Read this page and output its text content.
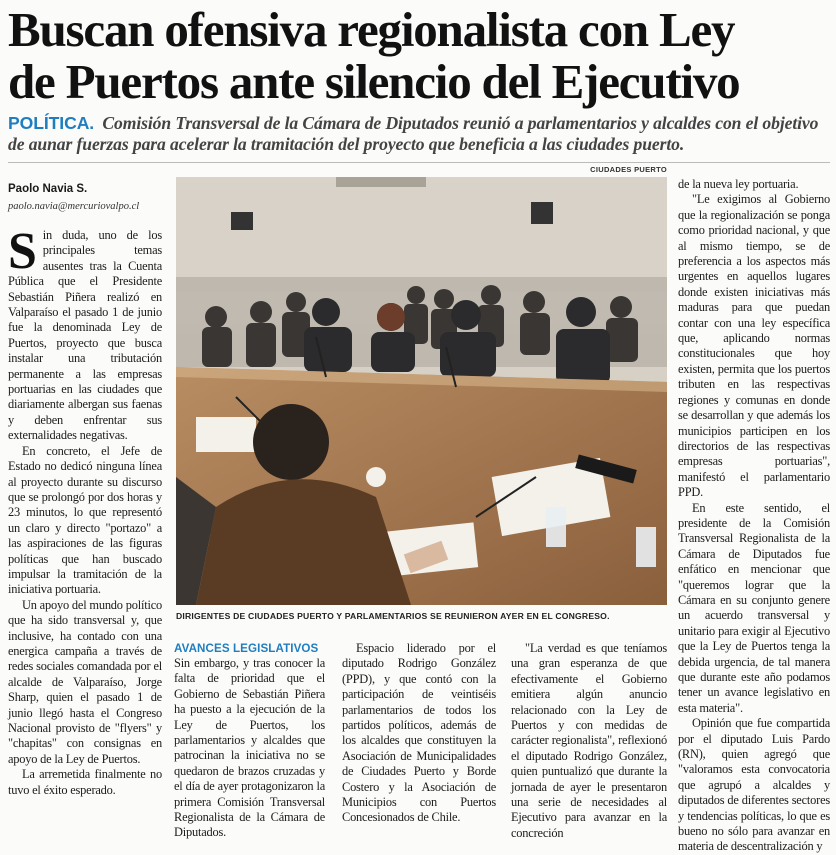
Buscan ofensiva regionalista con Ley
de Puertos ante silencio del Ejecutivo
POLÍTICA. Comisión Transversal de la Cámara de Diputados reunió a parlamentarios y alcaldes con el objetivo de aunar fuerzas para acelerar la tramitación del proyecto que beneficia a las ciudades puerto.
Paolo Navia S.
paolo.navia@mercuriovalpo.cl
CIUDADES PUERTO
DIRIGENTES DE CIUDADES PUERTO Y PARLAMENTARIOS SE REUNIERON AYER EN EL CONGRESO.
S in duda, uno de los principales temas ausentes tras la Cuenta Pública que el Presidente Sebastián Piñera realizó en Valparaíso el pasado 1 de junio fue la denominada Ley de Puertos, proyecto que busca instalar una tributación permanente a las empresas portuarias en las ciudades que diariamente albergan sus faenas y deben enfrentar sus externalidades negativas.

En concreto, el Jefe de Estado no dedicó ninguna línea al proyecto durante su discurso que se prolongó por dos horas y 23 minutos, lo que representó un claro y directo "portazo" a las aspiraciones de las figuras políticas que han buscado impulsar la tramitación de la iniciativa portuaria.

Un apoyo del mundo político que ha sido transversal y, que inclusive, ha contado con una energica campaña a través de redes sociales comandada por el alcalde de Valparaíso, Jorge Sharp, quien el pasado 1 de junio llegó hasta el Congreso Nacional provisto de "flyers" y "chapitas" con consignas en apoyo de la Ley de Puertos.

La arremetida finalmente no tuvo el éxito esperado.

AVANCES LEGISLATIVOS

Sin embargo, y tras conocer la falta de prioridad que el Gobierno de Sebastián Piñera ha puesto a la ejecución de la Ley de Puertos, los parlamentarios y alcaldes que patrocinan la iniciativa no se quedaron de brazos cruzadas y el día de ayer protagonizaron la primera Comisión Transversal Regionalista de la Cámara de Diputados.

Espacio liderado por el diputado Rodrigo González (PPD), y que contó con la participación de veintiséis parlamentarios de todos los partidos políticos, además de los alcaldes que constituyen la Asociación de Municipalidades de Ciudades Puerto y Borde Costero y la Asociación de Municipios con Puertos Concesionados de Chile.

"La verdad es que teníamos una gran esperanza de que efectivamente el Gobierno emitiera algún anuncio relacionado con la Ley de Puertos y con medidas de carácter regionalista", reflexionó el diputado Rodrigo González, quien puntualizó que durante la jornada de ayer le presentaron una serie de necesidades al Ejecutivo para avanzar en la concreción

de la nueva ley portuaria.

"Le exigimos al Gobierno que la regionalización se ponga como prioridad nacional, y que al mismo tiempo, se de preferencia a los aspectos más urgentes en aquellos lugares donde existen iniciativas más maduras para que puedan contar con una ley específica que, aplicando normas constitucionales que hoy existen, permita que los puertos tributen en las respectivas regiones y comunas en donde se desarrollan y que además los municipios participen en los directorios de las respectivas empresas portuarias", manifestó el parlamentario PPD.

En este sentido, el presidente de la Comisión Transversal Regionalista de la Cámara de Diputados fue enfático en mencionar que "queremos lograr que la Cámara en su conjunto genere un acuerdo transversal y unitario para exigir al Ejecutivo que la Ley de Puertos tenga la debida urgencia, de tal manera que durante este año podamos tener un avance legislativo en esta materia".

Opinión que fue compartida por el diputado Luis Pardo (RN), quien agregó que "valoramos esta convocatoria que agrupó a alcaldes y diputados de diferentes sectores y tendencias políticas, lo que es bueno no sólo para avanzar en materia de descentralización y
